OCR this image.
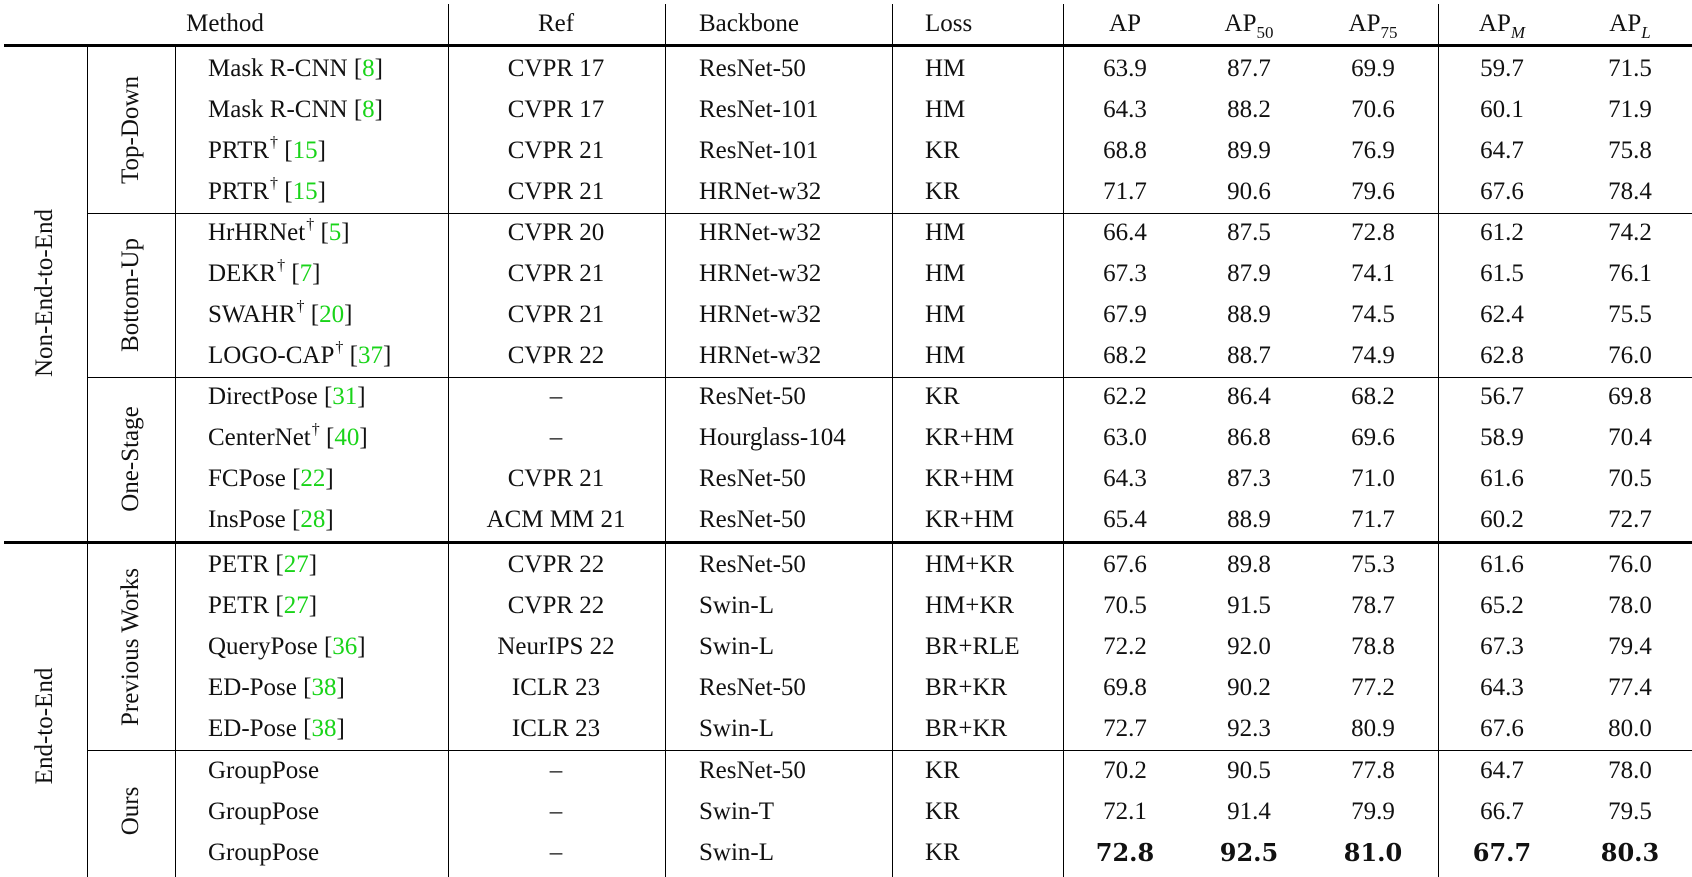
Method	Ref	Backbone	Loss	AP	$AP_{50}$	$AP_{75}$	$AP_M$	$AP_L$
Non-End-to-End
End-to-End
Top-Down
Bottom-Up
One-Stage
Previous Works
Ours
Mask R-CNN [8]	CVPR 17	ResNet-50	HM	63.9	87.7	69.9	59.7	71.5
Mask R-CNN [8]	CVPR 17	ResNet-101	HM	64.3	88.2	70.6	60.1	71.9
PRTR† [15]	CVPR 21	ResNet-101	KR	68.8	89.9	76.9	64.7	75.8
PRTR† [15]	CVPR 21	HRNet-w32	KR	71.7	90.6	79.6	67.6	78.4
HrHRNet† [5]	CVPR 20	HRNet-w32	HM	66.4	87.5	72.8	61.2	74.2
DEKR† [7]	CVPR 21	HRNet-w32	HM	67.3	87.9	74.1	61.5	76.1
SWAHR† [20]	CVPR 21	HRNet-w32	HM	67.9	88.9	74.5	62.4	75.5
LOGO-CAP† [37]	CVPR 22	HRNet-w32	HM	68.2	88.7	74.9	62.8	76.0
DirectPose [31]	–	ResNet-50	KR	62.2	86.4	68.2	56.7	69.8
CenterNet† [40]	–	Hourglass-104	KR+HM	63.0	86.8	69.6	58.9	70.4
FCPose [22]	CVPR 21	ResNet-50	KR+HM	64.3	87.3	71.0	61.6	70.5
InsPose [28]	ACM MM 21	ResNet-50	KR+HM	65.4	88.9	71.7	60.2	72.7
PETR [27]	CVPR 22	ResNet-50	HM+KR	67.6	89.8	75.3	61.6	76.0
PETR [27]	CVPR 22	Swin-L	HM+KR	70.5	91.5	78.7	65.2	78.0
QueryPose [36]	NeurIPS 22	Swin-L	BR+RLE	72.2	92.0	78.8	67.3	79.4
ED-Pose [38]	ICLR 23	ResNet-50	BR+KR	69.8	90.2	77.2	64.3	77.4
ED-Pose [38]	ICLR 23	Swin-L	BR+KR	72.7	92.3	80.9	67.6	80.0
GroupPose	–	ResNet-50	KR	70.2	90.5	77.8	64.7	78.0
GroupPose	–	Swin-T	KR	72.1	91.4	79.9	66.7	79.5
GroupPose	–	Swin-L	KR	72.8	92.5	81.0	67.7	80.3
